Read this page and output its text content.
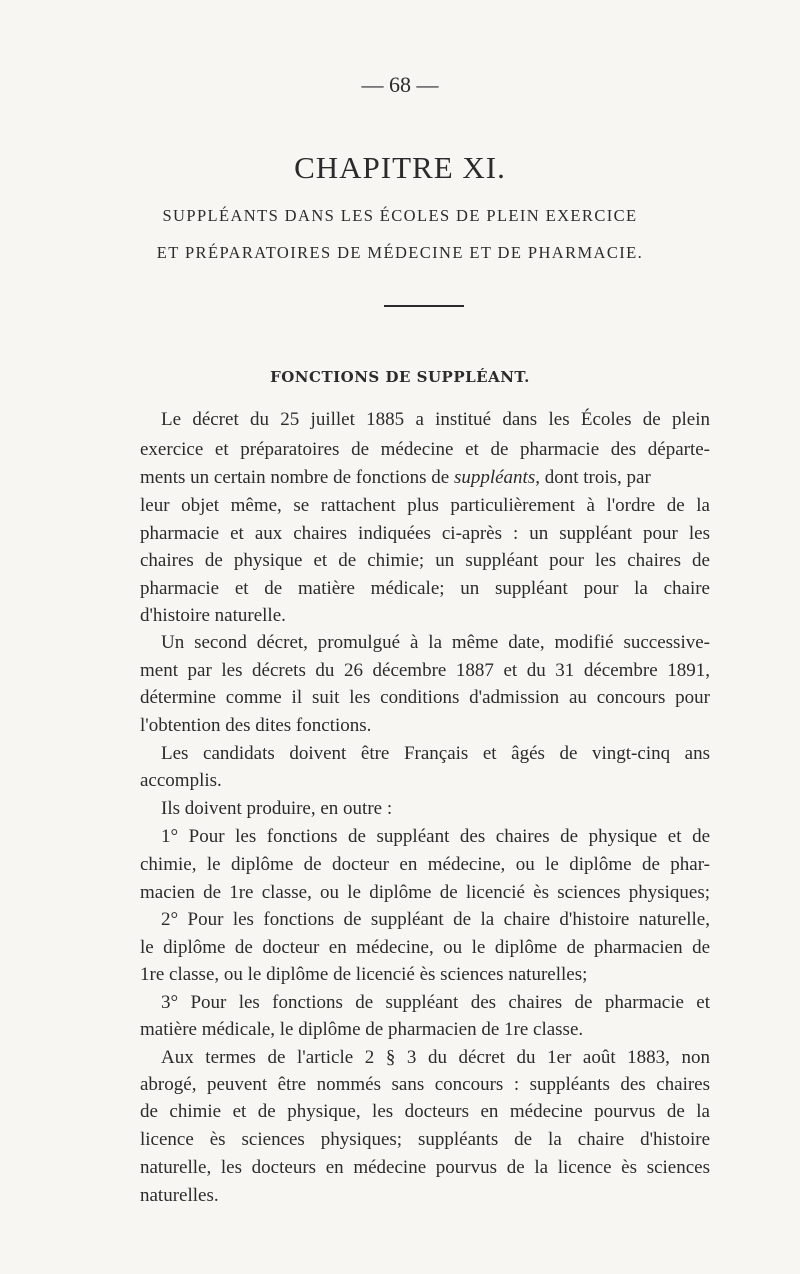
— 68 —
CHAPITRE XI.
SUPPLÉANTS DANS LES ÉCOLES DE PLEIN EXERCICE
ET PRÉPARATOIRES DE MÉDECINE ET DE PHARMACIE.
FONCTIONS DE SUPPLÉANT.
Le décret du 25 juillet 1885 a institué dans les Écoles de plein
exercice et préparatoires de médecine et de pharmacie des départe-
ments un certain nombre de fonctions de suppléants, dont trois, par
leur objet même, se rattachent plus particulièrement à l'ordre de la
pharmacie et aux chaires indiquées ci-après : un suppléant pour les
chaires de physique et de chimie; un suppléant pour les chaires de
pharmacie et de matière médicale; un suppléant pour la chaire
d'histoire naturelle.
Un second décret, promulgué à la même date, modifié successive-
ment par les décrets du 26 décembre 1887 et du 31 décembre 1891,
détermine comme il suit les conditions d'admission au concours pour
l'obtention des dites fonctions.
Les candidats doivent être Français et âgés de vingt-cinq ans
accomplis.
Ils doivent produire, en outre :
1° Pour les fonctions de suppléant des chaires de physique et de
chimie, le diplôme de docteur en médecine, ou le diplôme de phar-
macien de 1re classe, ou le diplôme de licencié ès sciences physiques;
2° Pour les fonctions de suppléant de la chaire d'histoire naturelle,
le diplôme de docteur en médecine, ou le diplôme de pharmacien de
1re classe, ou le diplôme de licencié ès sciences naturelles;
3° Pour les fonctions de suppléant des chaires de pharmacie et
matière médicale, le diplôme de pharmacien de 1re classe.
Aux termes de l'article 2 § 3 du décret du 1er août 1883, non
abrogé, peuvent être nommés sans concours : suppléants des chaires
de chimie et de physique, les docteurs en médecine pourvus de la
licence ès sciences physiques; suppléants de la chaire d'histoire
naturelle, les docteurs en médecine pourvus de la licence ès sciences
naturelles.
